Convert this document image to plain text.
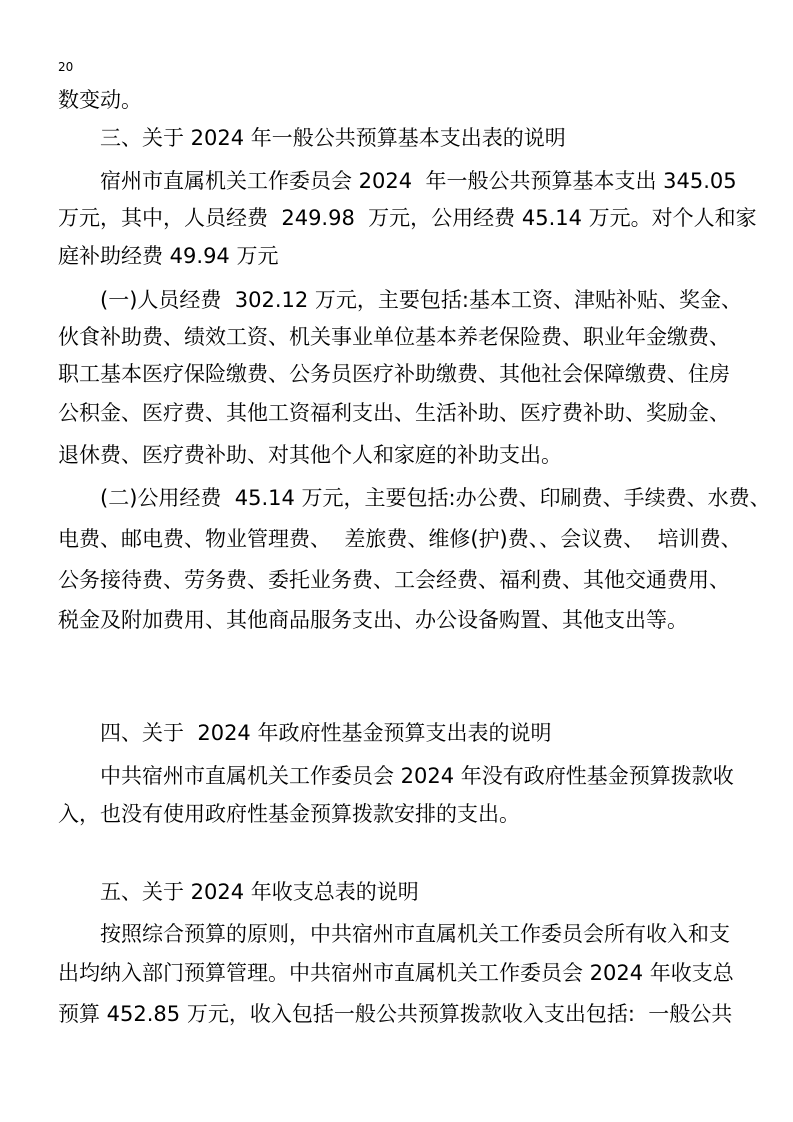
20
数变动。
三、关于 2024 年一般公共预算基本支出表的说明
宿州市直属机关工作委员会 2024  年一般公共预算基本支出 345.05
万元，其中，人员经费  249.98  万元，公用经费 45.14 万元。对个人和家
庭补助经费 49.94 万元
(一)人员经费  302.12 万元，主要包括:基本工资、津贴补贴、奖金、
伙食补助费、绩效工资、机关事业单位基本养老保险费、职业年金缴费、
职工基本医疗保险缴费、公务员医疗补助缴费、其他社会保障缴费、住房
公积金、医疗费、其他工资福利支出、生活补助、医疗费补助、奖励金、
退休费、医疗费补助、对其他个人和家庭的补助支出。
(二)公用经费  45.14 万元，主要包括:办公费、印刷费、手续费、水费、
电费、邮电费、物业管理费、  差旅费、维修(护)费、、会议费、  培训费、
公务接待费、劳务费、委托业务费、工会经费、福利费、其他交通费用、
税金及附加费用、其他商品服务支出、办公设备购置、其他支出等。
四、关于  2024 年政府性基金预算支出表的说明
中共宿州市直属机关工作委员会 2024 年没有政府性基金预算拨款收
入，也没有使用政府性基金预算拨款安排的支出。
五、关于 2024 年收支总表的说明
按照综合预算的原则，中共宿州市直属机关工作委员会所有收入和支
出均纳入部门预算管理。中共宿州市直属机关工作委员会 2024 年收支总
预算 452.85 万元，收入包括一般公共预算拨款收入支出包括:  一般公共
